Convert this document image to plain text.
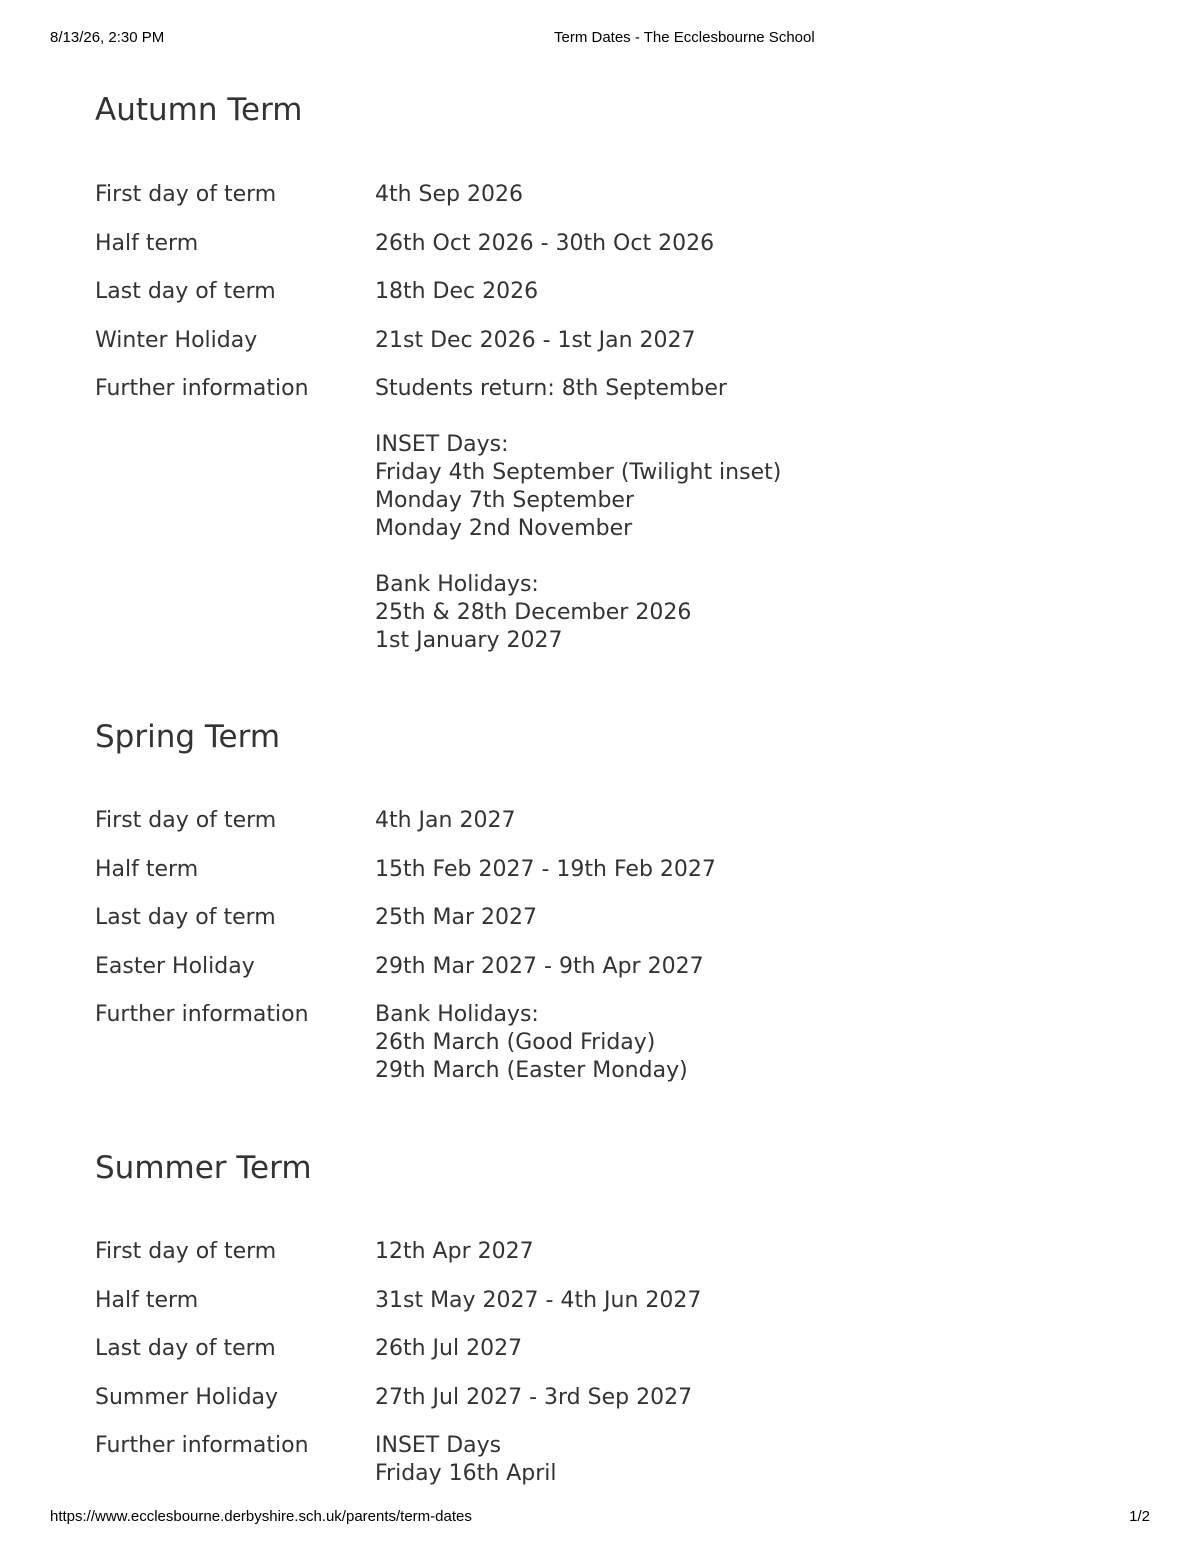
8/13/26, 2:30 PM	Term Dates - The Ecclesbourne School
Autumn Term
First day of term	4th Sep 2026
Half term	26th Oct 2026 - 30th Oct 2026
Last day of term	18th Dec 2026
Winter Holiday	21st Dec 2026 - 1st Jan 2027
Further information	Students return: 8th September

INSET Days:
Friday 4th September (Twilight inset)
Monday 7th September
Monday 2nd November

Bank Holidays:
25th & 28th December 2026
1st January 2027

Spring Term
First day of term	4th Jan 2027
Half term	15th Feb 2027 - 19th Feb 2027
Last day of term	25th Mar 2027
Easter Holiday	29th Mar 2027 - 9th Apr 2027
Further information	Bank Holidays:
26th March (Good Friday)
29th March (Easter Monday)

Summer Term
First day of term	12th Apr 2027
Half term	31st May 2027 - 4th Jun 2027
Last day of term	26th Jul 2027
Summer Holiday	27th Jul 2027 - 3rd Sep 2027
Further information	INSET Days
Friday 16th April

https://www.ecclesbourne.derbyshire.sch.uk/parents/term-dates	1/2
